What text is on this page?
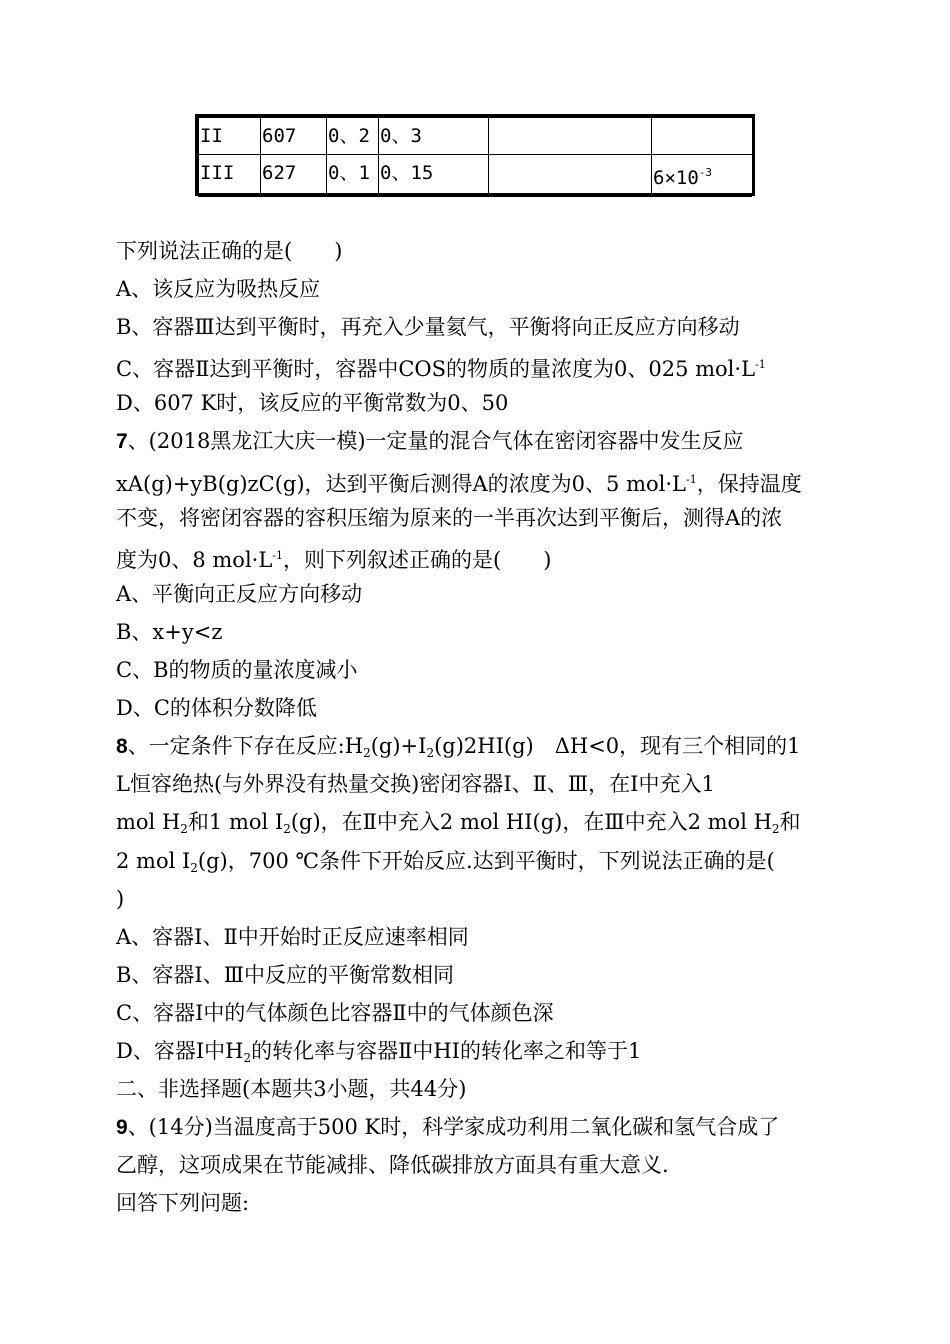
II	607	0、2	0、3		
III	627	0、1	0、15		$6\times 10^{-3}$
下列说法正确的是(　　)
A、该反应为吸热反应
B、容器Ⅲ达到平衡时，再充入少量氦气，平衡将向正反应方向移动
C、容器Ⅱ达到平衡时，容器中COS的物质的量浓度为0、025 $mol\cdot L^{-1}$
D、607 K时，该反应的平衡常数为0、50
7、(2018黑龙江大庆一模)一定量的混合气体在密闭容器中发生反应
xA(g)+yB(g)zC(g)，达到平衡后测得A的浓度为0、5 $mol\cdot L^{-1}$，保持温度
不变，将密闭容器的容积压缩为原来的一半再次达到平衡后，测得A的浓
度为0、8 $mol\cdot L^{-1}$，则下列叙述正确的是(　　)
A、平衡向正反应方向移动
B、x+y<z
C、B的物质的量浓度减小
D、C的体积分数降低
8、一定条件下存在反应$:H_2(g)+I_2(g)2HI(g)$　ΔH<0，现有三个相同的1
L恒容绝热(与外界没有热量交换)密闭容器Ⅰ、Ⅱ、Ⅲ，在Ⅰ中充入1
mol $H_2$和1 mol $I_2(g)$，在Ⅱ中充入2 mol HI(g)，在Ⅲ中充入2 mol $H_2$和
2 mol $I_2(g)$，700 ℃条件下开始反应.达到平衡时，下列说法正确的是(
)
A、容器Ⅰ、Ⅱ中开始时正反应速率相同
B、容器Ⅰ、Ⅲ中反应的平衡常数相同
C、容器Ⅰ中的气体颜色比容器Ⅱ中的气体颜色深
D、容器Ⅰ中$H_2$的转化率与容器Ⅱ中HI的转化率之和等于1
二、非选择题(本题共3小题，共44分)
9、(14分)当温度高于500 K时，科学家成功利用二氧化碳和氢气合成了
乙醇，这项成果在节能减排、降低碳排放方面具有重大意义.
回答下列问题:
